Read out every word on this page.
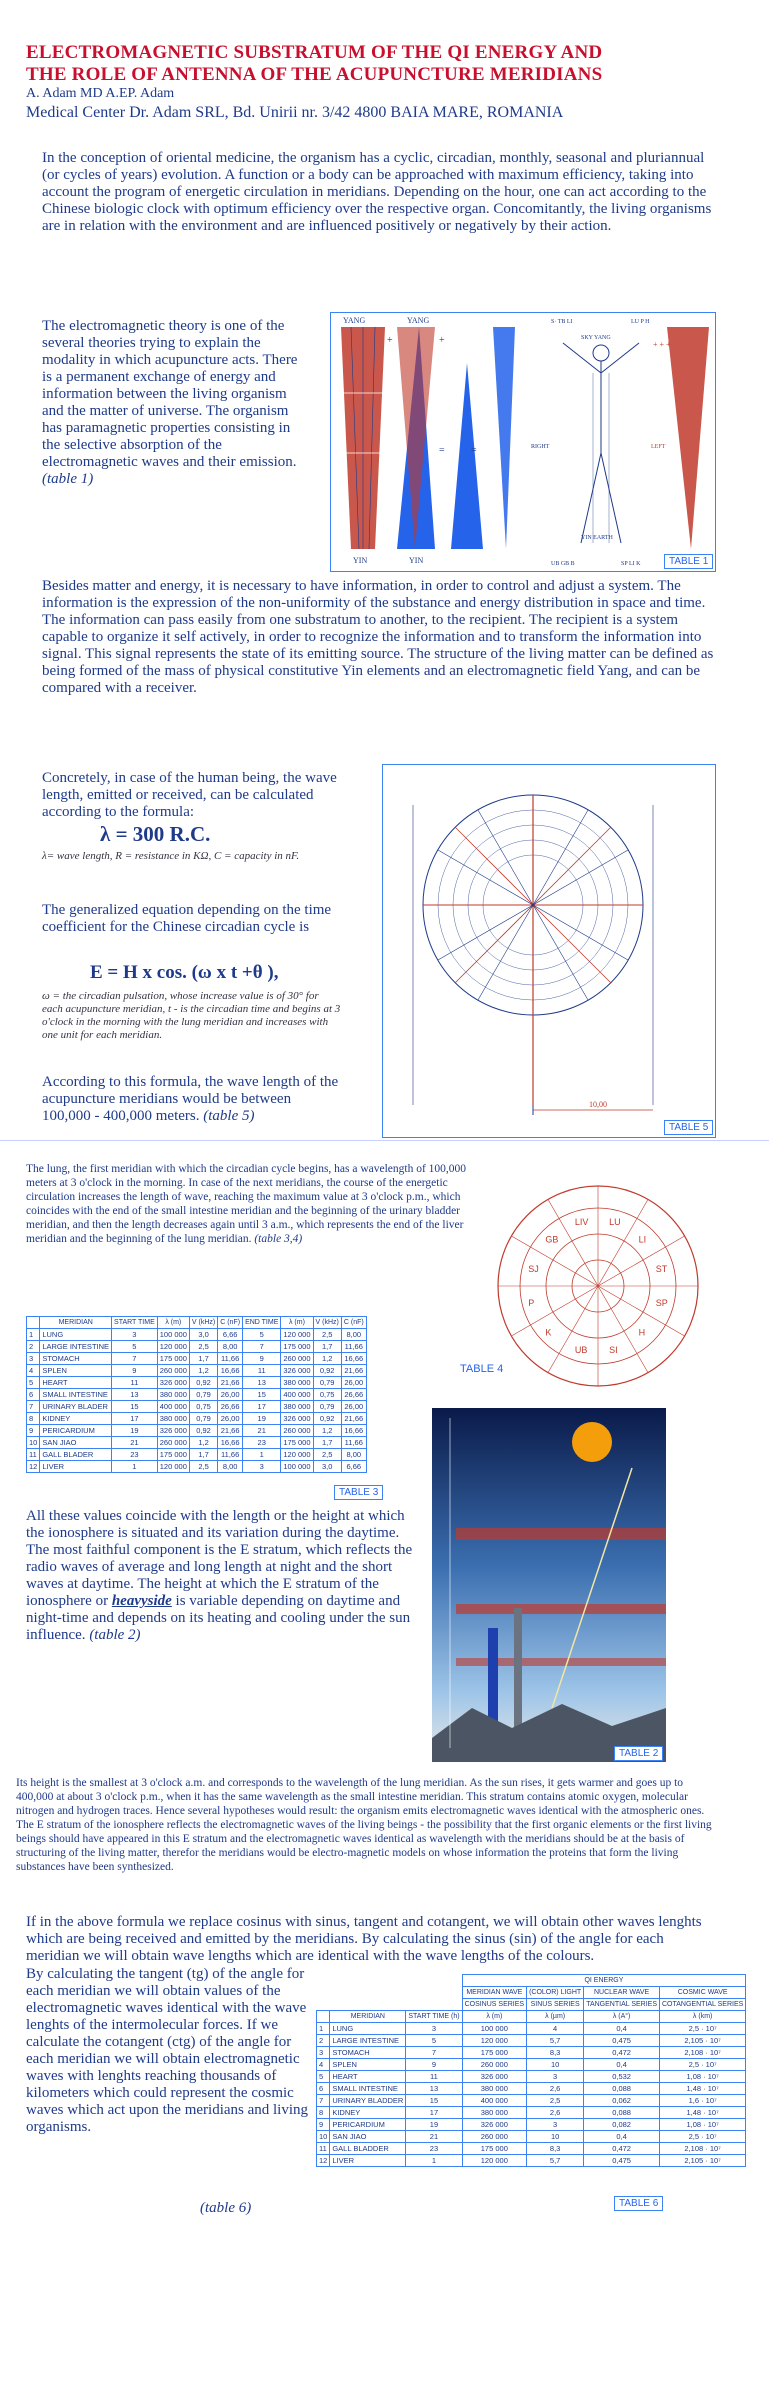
ELECTROMAGNETIC SUBSTRATUM OF THE QI ENERGY AND
THE ROLE OF ANTENNA OF THE ACUPUNCTURE MERIDIANS
A. Adam MD A.EP. Adam
Medical Center Dr. Adam SRL, Bd. Unirii nr. 3/42 4800 BAIA MARE, ROMANIA
In the conception of oriental medicine, the organism has a cyclic, circadian, monthly, seasonal and pluriannual (or cycles of years) evolution. A function or a body can be approached with maximum efficiency, taking into account the program of energetic circulation in meridians. Depending on the hour, one can act according to the Chinese biologic clock with optimum efficiency over the respective organ. Concomitantly, the living organisms are in relation with the environment and are influenced positively or negatively by their action.
The electromagnetic theory is one of the several theories trying to explain the modality in which acupuncture acts. There is a permanent exchange of energy and information between the living organism and the matter of universe. The organism has paramagnetic properties consisting in the selective absorption of the electromagnetic waves and their emission. (table 1)
+	+
=	=	RIGHT	LEFT
+ + +
YANG	YANG
YIN	YIN
SKY YANG
YIN EARTH
S· TB LI	LU P H
UB GB B	SP LI K	TABLE 1
Besides matter and energy, it is necessary to have information, in order to control and adjust a system. The information is the expression of the non-uniformity of the substance and energy distribution in space and time. The information can pass easily from one substratum to another, to the recipient. The recipient is a system capable to organize it self actively, in order to recognize the information and to transform the information into signal. This signal represents the state of its emitting source. The structure of the living matter can be defined as being formed of the mass of physical constitutive Yin elements and an electromagnetic field Yang, and can be compared with a receiver.
Concretely, in case of the human being, the wave length, emitted or received, can be calculated according to the formula:
λ = 300 R.C.
λ= wave length, R = resistance in KΩ, C = capacity in nF.
The generalized equation depending on the time coefficient for the Chinese circadian cycle is
E = H x cos. (ω x t +θ ),
ω = the circadian pulsation, whose increase value is of 30° for each acupuncture meridian, t - is the circadian time and begins at 3 o'clock in the morning with the lung meridian and increases with one unit for each meridian.
According to this formula, the wave length of the acupuncture meridians would be between 100,000 - 400,000 meters. (table 5)
10,00
TABLE 5
The lung, the first meridian with which the circadian cycle begins, has a wavelength of 100,000 meters at 3 o'clock in the morning. In case of the next meridians, the course of the energetic circulation increases the length of wave, reaching the maximum value at 3 o'clock p.m., which coincides with the end of the small intestine meridian and the beginning of the urinary bladder meridian, and then the length decreases again until 3 a.m., which represents the end of the liver meridian and the beginning of the lung meridian. (table 3,4)
LU
LI
ST
SP
H
SI
UB
K
P
SJ
GB
LIV
TABLE 4
	MERIDIAN	START TIME	λ (m)	V (kHz)	C (nF)	END TIME	λ (m)	V (kHz)	C (nF)
1	LUNG	3	100 000	3,0	6,66	5	120 000	2,5	8,00
2	LARGE INTESTINE	5	120 000	2,5	8,00	7	175 000	1,7	11,66
3	STOMACH	7	175 000	1,7	11,66	9	260 000	1,2	16,66
4	SPLEN	9	260 000	1,2	16,66	11	326 000	0,92	21,66
5	HEART	11	326 000	0,92	21,66	13	380 000	0,79	26,00
6	SMALL INTESTINE	13	380 000	0,79	26,00	15	400 000	0,75	26,66
7	URINARY BLADER	15	400 000	0,75	26,66	17	380 000	0,79	26,00
8	KIDNEY	17	380 000	0,79	26,00	19	326 000	0,92	21,66
9	PERICARDIUM	19	326 000	0,92	21,66	21	260 000	1,2	16,66
10	SAN JIAO	21	260 000	1,2	16,66	23	175 000	1,7	11,66
11	GALL BLADER	23	175 000	1,7	11,66	1	120 000	2,5	8,00
12	LIVER	1	120 000	2,5	8,00	3	100 000	3,0	6,66
TABLE 3
All these values coincide with the length or the height at which the ionosphere is situated and its variation during the daytime. The most faithful component is the E stratum, which reflects the radio waves of average and long length at night and the short waves at daytime. The height at which the E stratum of the ionosphere or heavyside is variable depending on daytime and night-time and depends on its heating and cooling under the sun influence. (table 2)
TABLE 2
Its height is the smallest at 3 o'clock a.m. and corresponds to the wavelength of the lung meridian. As the sun rises, it gets warmer and goes up to 400,000 at about 3 o'clock p.m., when it has the same wavelength as the small intestine meridian. This stratum contains atomic oxygen, molecular nitrogen and hydrogen traces. Hence several hypotheses would result: the organism emits electromagnetic waves identical with the atmospheric ones. The E stratum of the ionosphere reflects the electromagnetic waves of the living beings - the possibility that the first organic elements or the first living beings should have appeared in this E stratum and the electromagnetic waves identical as wavelength with the meridians should be at the basis of structuring of the living matter, therefor the meridians would be electro-magnetic models on whose information the proteins that form the living substances have been synthesized.
If in the above formula we replace cosinus with sinus, tangent and cotangent, we will obtain other waves lenghts which are being received and emitted by the meridians. By calculating the sinus (sin) of the angle for each meridian we will obtain wave lengths which are identical with the wave lengths of the colours.
By calculating the tangent (tg) of the angle for each meridian we will obtain values of the electromagnetic waves identical with the wave lenghts of the intermolecular forces. If we calculate the cotangent (ctg) of the angle for each meridian we will obtain electromagnetic waves with lenghts reaching thousands of kilometers which could represent the cosmic waves which act upon the meridians and living organisms.
(table 6)
			QI ENERGY			
			MERIDIAN WAVE	(COLOR) LIGHT	NUCLEAR WAVE	COSMIC WAVE
			COSINUS SERIES	SINUS SERIES	TANGENTIAL SERIES	COTANGENTIAL SERIES
	MERIDIAN	START TIME (h)	λ (m)	λ (µm)	λ (A°)	λ (km)
1	LUNG	3	100 000	4	0,4	2,5 · 10⁷
2	LARGE INTESTINE	5	120 000	5,7	0,475	2,105 · 10⁷
3	STOMACH	7	175 000	8,3	0,472	2,108 · 10⁷
4	SPLEN	9	260 000	10	0,4	2,5 · 10⁷
5	HEART	11	326 000	3	0,532	1,08 · 10⁷
6	SMALL INTESTINE	13	380 000	2,6	0,088	1,48 · 10⁷
7	URINARY BLADDER	15	400 000	2,5	0,062	1,6 · 10⁷
8	KIDNEY	17	380 000	2,6	0,088	1,48 · 10⁷
9	PERICARDIUM	19	326 000	3	0,082	1,08 · 10⁷
10	SAN JIAO	21	260 000	10	0,4	2,5 · 10⁷
11	GALL BLADDER	23	175 000	8,3	0,472	2,108 · 10⁷
12	LIVER	1	120 000	5,7	0,475	2,105 · 10⁷
TABLE 6
